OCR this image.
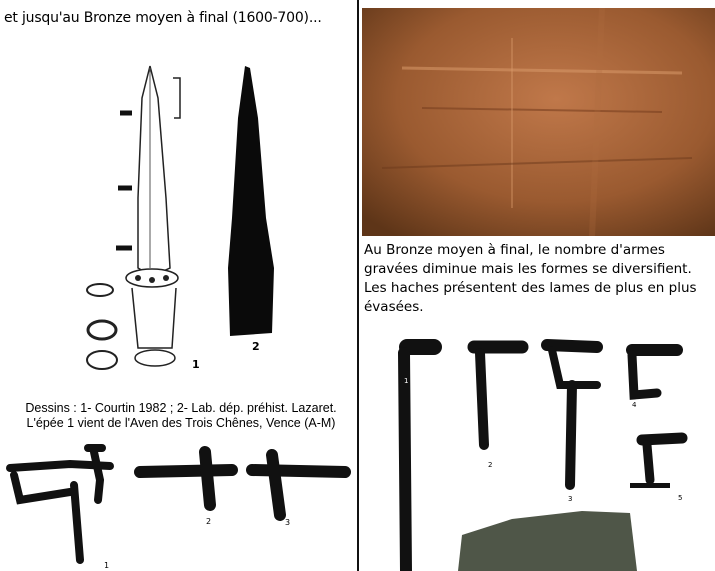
et jusqu'au Bronze moyen à final (1600-700)...
1
2
Dessins : 1- Courtin 1982 ; 2- Lab. dép. préhist. Lazaret.
L'épée 1 vient de l'Aven des Trois Chênes, Vence (A-M)
1
2	3
Au Bronze moyen à final, le nombre d'armes
gravées diminue mais les formes se diversifient.
Les haches présentent des lames de plus en plus
évasées.
1
2
3
4
5
